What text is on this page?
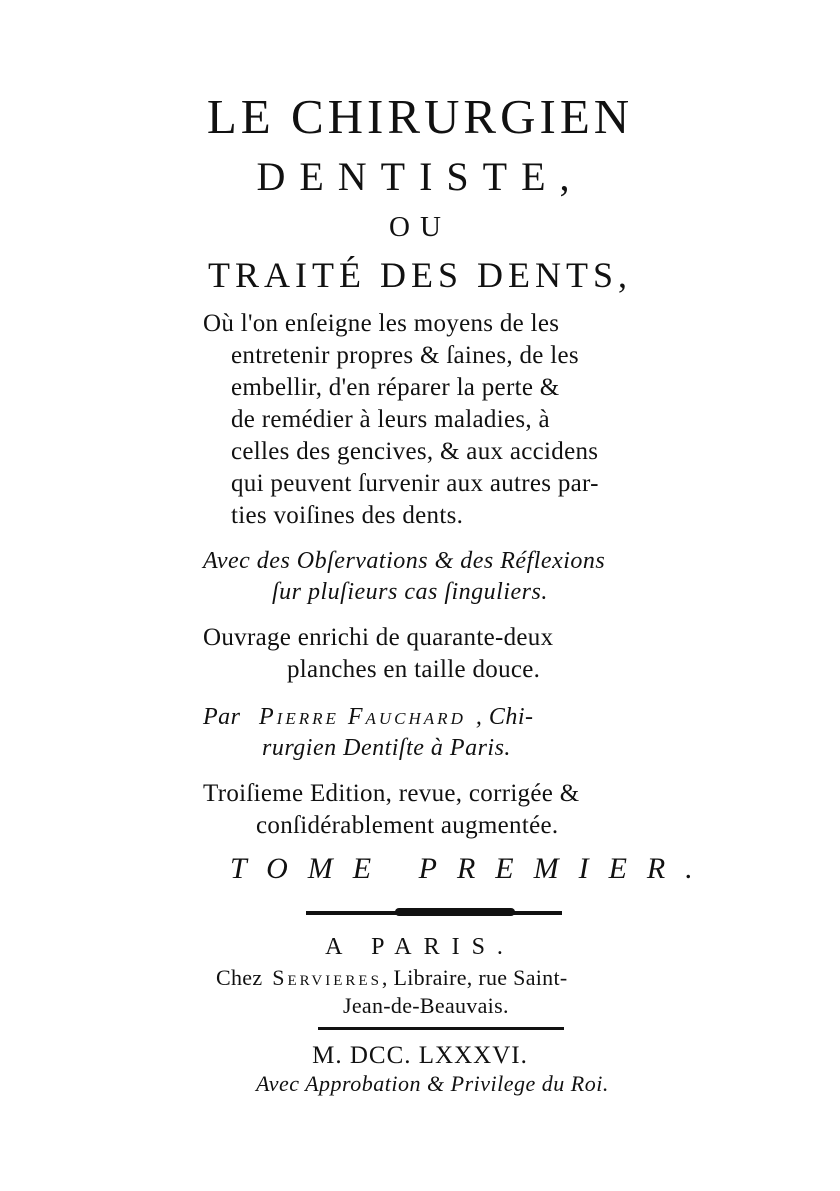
LE CHIRURGIEN
DENTISTE,
OU
TRAITÉ DES DENTS,
Où l'on enſeigne les moyens de les
entretenir propres & ſaines, de les
embellir, d'en réparer la perte &
de remédier à leurs maladies, à
celles des gencives, & aux accidens
qui peuvent ſurvenir aux autres par-
ties voiſines des dents.
Avec des Obſervations & des Réflexions
ſur pluſieurs cas ſinguliers.
Ouvrage enrichi de quarante-deux
planches en taille douce.
Par Pierre Fauchard , Chi-
rurgien Dentiſte à Paris.
Troiſieme Edition, revue, corrigée &
conſidérablement augmentée.
TOME PREMIER.
A PARIS.
Chez Servieres, Libraire, rue Saint-
Jean-de-Beauvais.
M. DCC. LXXXVI.
Avec Approbation & Privilege du Roi.
